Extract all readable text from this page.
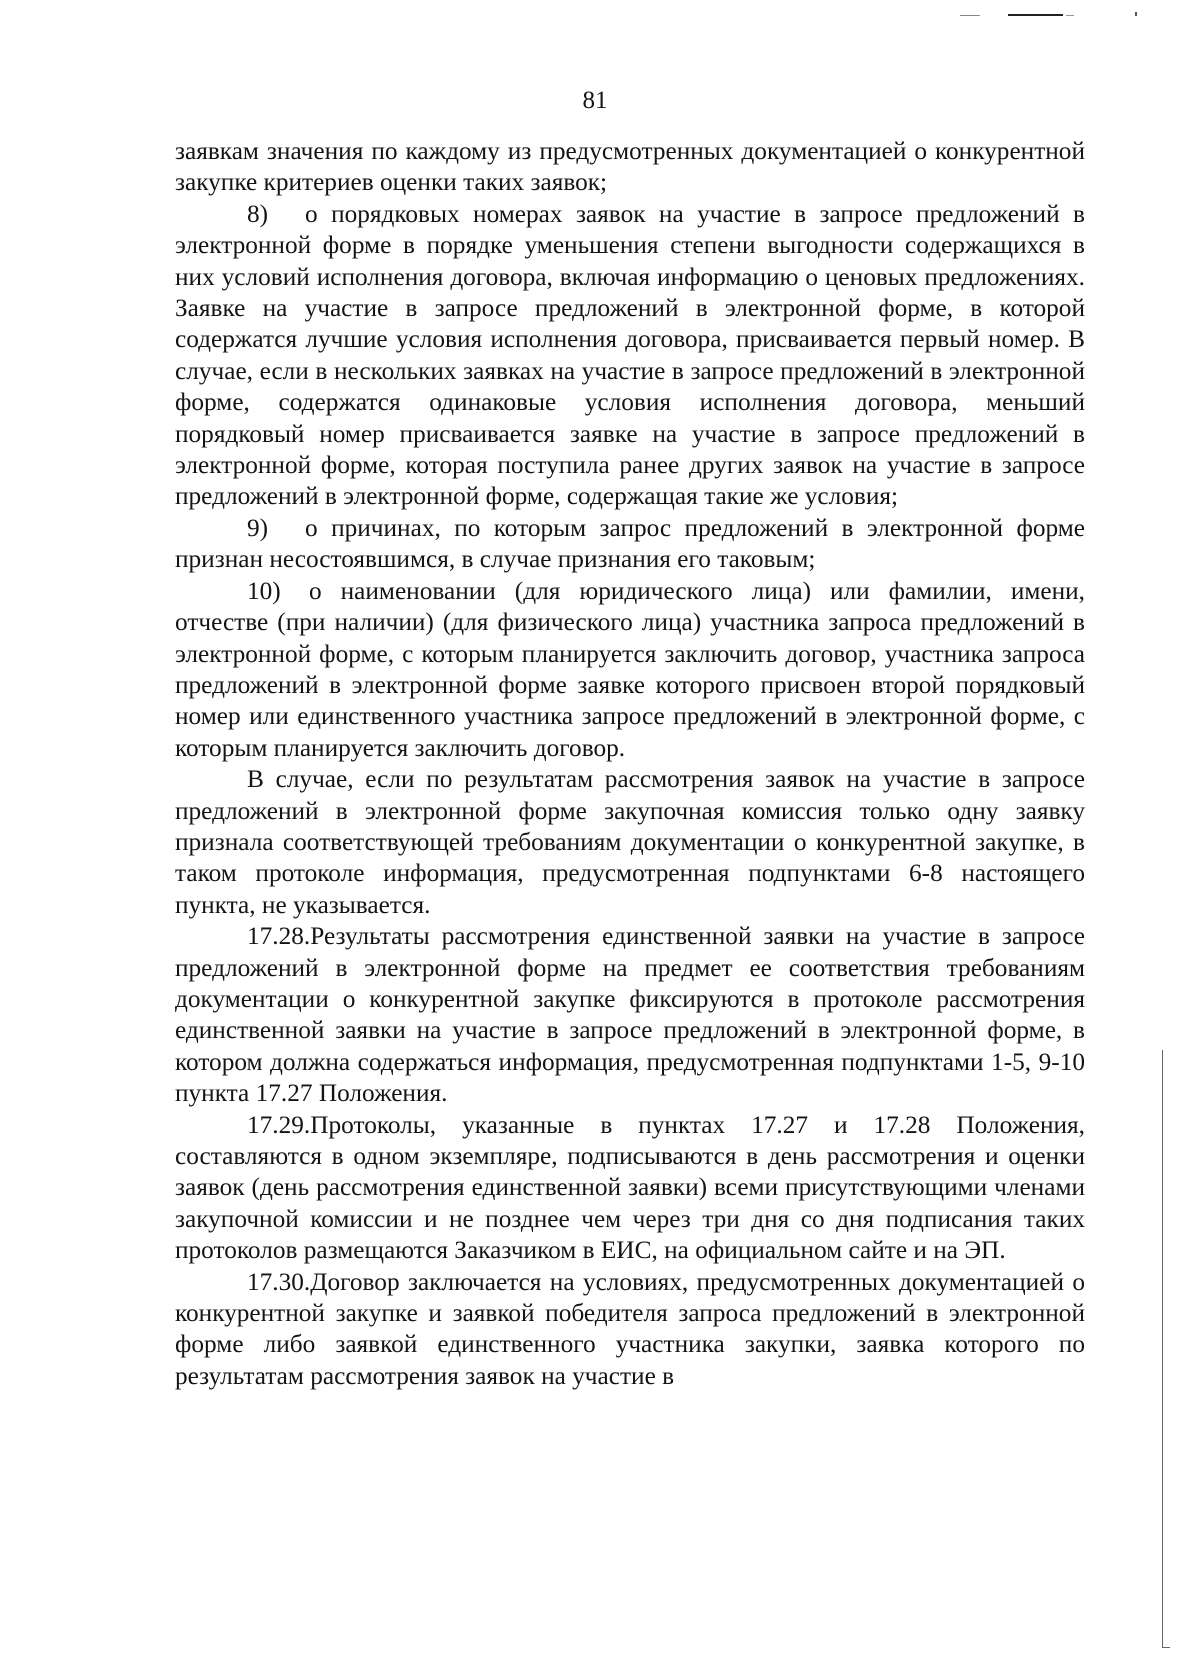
81

заявкам значения по каждому из предусмотренных документацией о конкурентной закупке критериев оценки таких заявок;

8) о порядковых номерах заявок на участие в запросе предложений в электронной форме в порядке уменьшения степени выгодности содержащихся в них условий исполнения договора, включая информацию о ценовых предложениях. Заявке на участие в запросе предложений в электронной форме, в которой содержатся лучшие условия исполнения договора, присваивается первый номер. В случае, если в нескольких заявках на участие в запросе предложений в электронной форме, содержатся одинаковые условия исполнения договора, меньший порядковый номер присваивается заявке на участие в запросе предложений в электронной форме, которая поступила ранее других заявок на участие в запросе предложений в электронной форме, содержащая такие же условия;

9) о причинах, по которым запрос предложений в электронной форме признан несостоявшимся, в случае признания его таковым;

10) о наименовании (для юридического лица) или фамилии, имени, отчестве (при наличии) (для физического лица) участника запроса предложений в электронной форме, с которым планируется заключить договор, участника запроса предложений в электронной форме заявке которого присвоен второй порядковый номер или единственного участника запросе предложений в электронной форме, с которым планируется заключить договор.

В случае, если по результатам рассмотрения заявок на участие в запросе предложений в электронной форме закупочная комиссия только одну заявку признала соответствующей требованиям документации о конкурентной закупке, в таком протоколе информация, предусмотренная подпунктами 6-8 настоящего пункта, не указывается.

17.28.Результаты рассмотрения единственной заявки на участие в запросе предложений в электронной форме на предмет ее соответствия требованиям документации о конкурентной закупке фиксируются в протоколе рассмотрения единственной заявки на участие в запросе предложений в электронной форме, в котором должна содержаться информация, предусмотренная подпунктами 1-5, 9-10 пункта 17.27 Положения.

17.29.Протоколы, указанные в пунктах 17.27 и 17.28 Положения, составляются в одном экземпляре, подписываются в день рассмотрения и оценки заявок (день рассмотрения единственной заявки) всеми присутствующими членами закупочной комиссии и не позднее чем через три дня со дня подписания таких протоколов размещаются Заказчиком в ЕИС, на официальном сайте и на ЭП.

17.30.Договор заключается на условиях, предусмотренных документацией о конкурентной закупке и заявкой победителя запроса предложений в электронной форме либо заявкой единственного участника закупки, заявка которого по результатам рассмотрения заявок на участие в
